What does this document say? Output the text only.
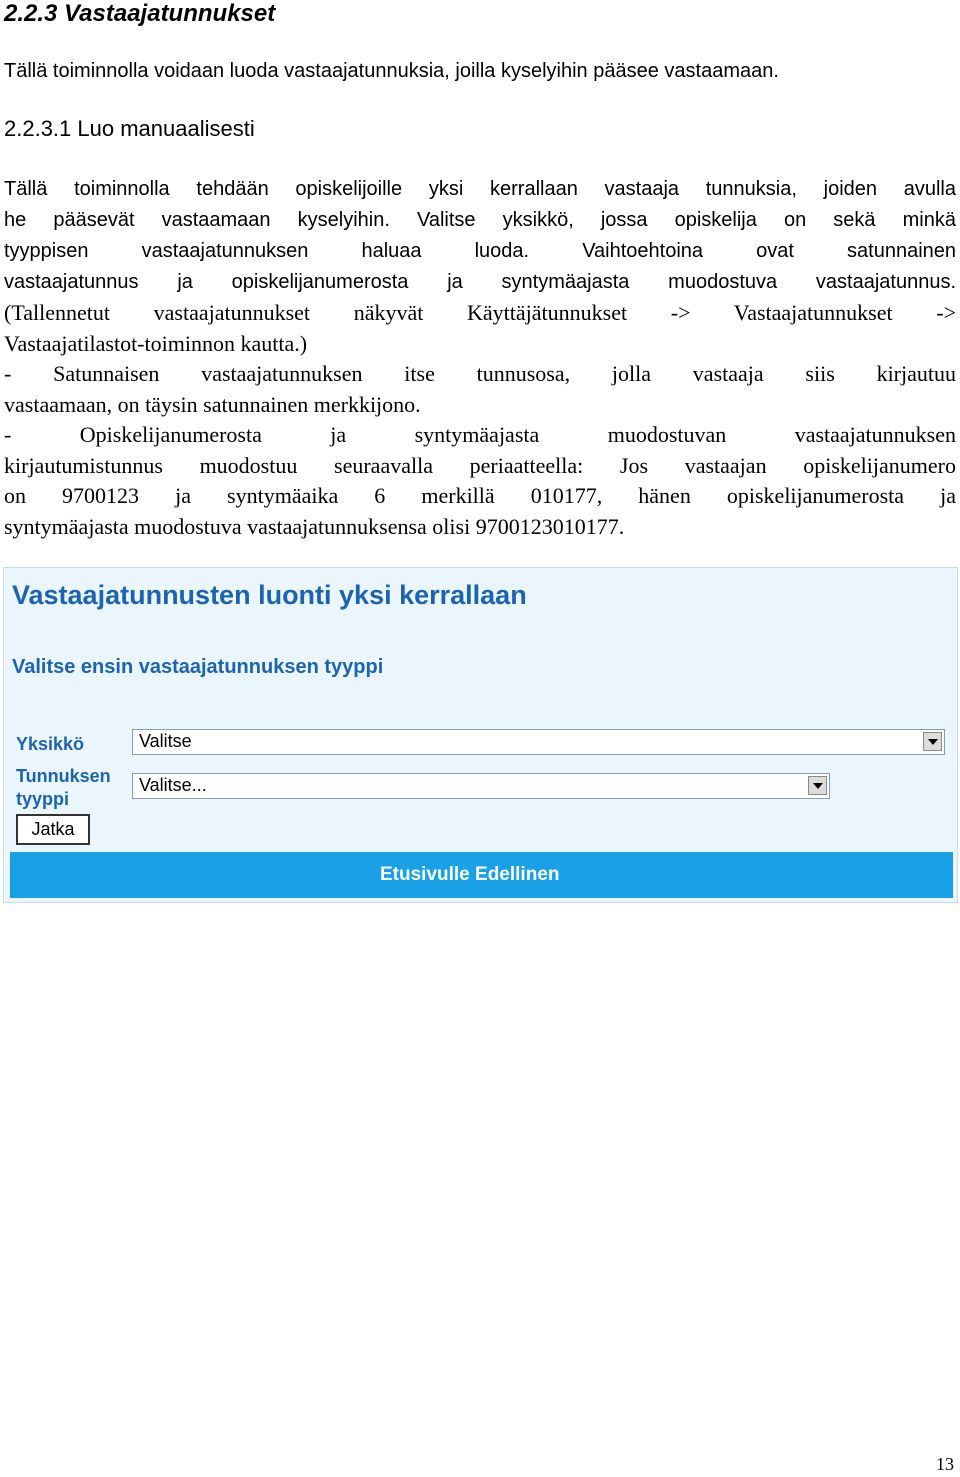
2.2.3 Vastaajatunnukset
Tällä toiminnolla voidaan luoda vastaajatunnuksia, joilla kyselyihin pääsee vastaamaan.
2.2.3.1 Luo manuaalisesti
Tällä toiminnolla tehdään opiskelijoille yksi kerrallaan vastaaja tunnuksia, joiden avulla
he pääsevät vastaamaan kyselyihin. Valitse yksikkö, jossa opiskelija on sekä minkä
tyyppisen vastaajatunnuksen haluaa luoda. Vaihtoehtoina ovat satunnainen
vastaajatunnus ja opiskelijanumerosta ja syntymäajasta muodostuva vastaajatunnus.
(Tallennetut vastaajatunnukset näkyvät Käyttäjätunnukset -> Vastaajatunnukset ->
Vastaajatilastot-toiminnon kautta.)
- Satunnaisen vastaajatunnuksen itse tunnusosa, jolla vastaaja siis kirjautuu
vastaamaan, on täysin satunnainen merkkijono.
- Opiskelijanumerosta ja syntymäajasta muodostuvan vastaajatunnuksen
kirjautumistunnus muodostuu seuraavalla periaatteella: Jos vastaajan opiskelijanumero
on 9700123 ja syntymäaika 6 merkillä 010177, hänen opiskelijanumerosta ja
syntymäajasta muodostuva vastaajatunnuksensa olisi 9700123010177.
Vastaajatunnusten luonti yksi kerrallaan
Valitse ensin vastaajatunnuksen tyyppi
Yksikkö	Valitse
Tunnuksen
tyyppi
Valitse...
Jatka
Etusivulle Edellinen
13
